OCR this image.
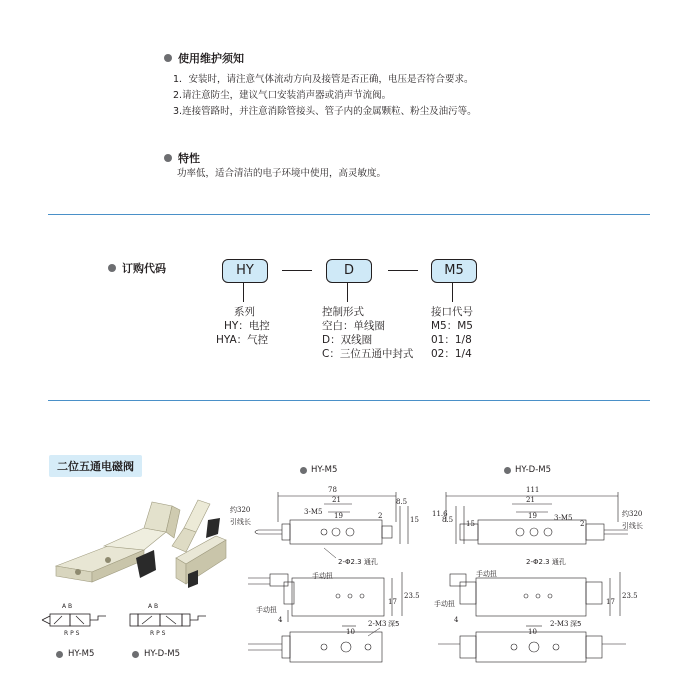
使用维护须知
1．安装时，请注意气体流动方向及接管是否正确，电压是否符合要求。
2.请注意防尘，建议气口安装消声器或消声节流阀。
3.连接管路时，并注意消除管接头、管子内的金属颗粒、粉尘及油污等。
特性
功率低，适合清洁的电子环境中使用，高灵敏度。
订购代码	HY	D	M5
系列
HY：电控
HYA：气控
控制形式
空白：单线圈
D：双线圈
C：三位五通中封式
接口代号
M5：M5
01：1/8
02：1/4
二位五通电磁阀
A B
R P S
A B
R P S
HY-M5	HY-D-M5
HY-M5
78
约320
引线长
3-M5
21
19	2
8.5
15
2-Φ2.3 通孔
手动扭
手动扭
4
17
23.5
10
2-M3 深5
HY-D-M5
111
约320
引线长
3-M5
21
19
11.6
8.5 15
2-Φ2.3 通孔
手动扭
手动扭
4
17
23.5
10
2-M3 深5
2
